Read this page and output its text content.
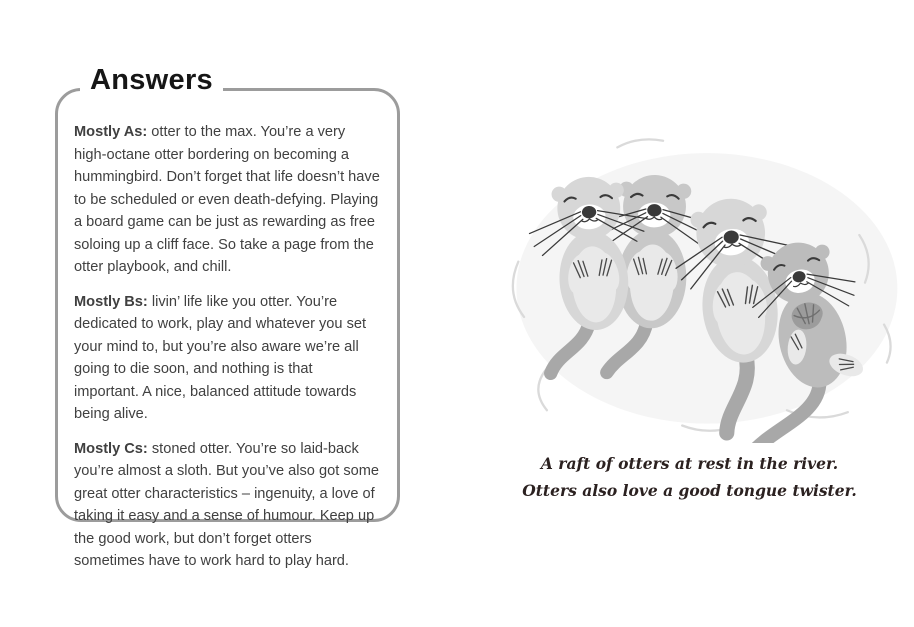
Answers

Mostly As: otter to the max. You’re a very high-octane otter bordering on becoming a hummingbird. Don’t forget that life doesn’t have to be scheduled or even death-defying. Playing a board game can be just as rewarding as free soloing up a cliff face. So take a page from the otter playbook, and chill.

Mostly Bs: livin’ life like you otter. You’re dedicated to work, play and whatever you set your mind to, but you’re also aware we’re all going to die soon, and nothing is that important. A nice, balanced attitude towards being alive.

Mostly Cs: stoned otter. You’re so laid-back you’re almost a sloth. But you’ve also got some great otter characteristics – ingenuity, a love of taking it easy and a sense of humour. Keep up the good work, but don’t forget otters sometimes have to work hard to play hard.

A raft of otters at rest in the river. Otters also love a good tongue twister.
